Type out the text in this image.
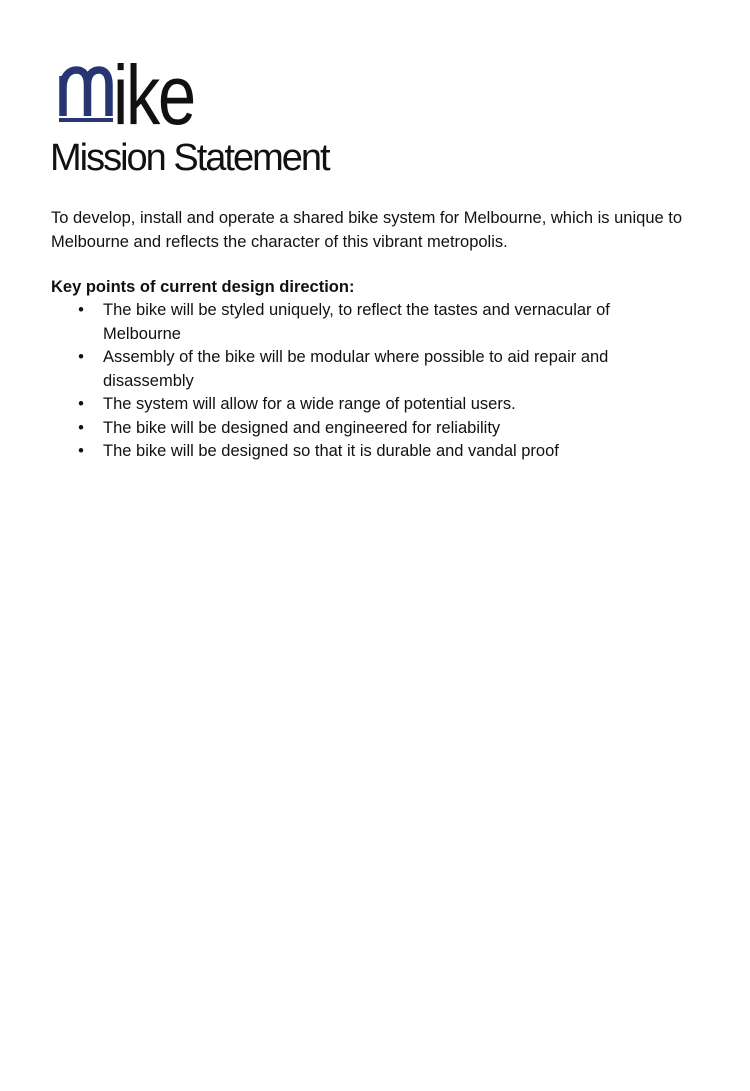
ike
Mission Statement

To develop, install and operate a shared bike system for Melbourne, which is unique to Melbourne and reflects the character of this vibrant metropolis.

Key points of current design direction:

• The bike will be styled uniquely, to reflect the tastes and vernacular of Melbourne
• Assembly of the bike will be modular where possible to aid repair and disassembly
• The system will allow for a wide range of potential users.
• The bike will be designed and engineered for reliability
• The bike will be designed so that it is durable and vandal proof
